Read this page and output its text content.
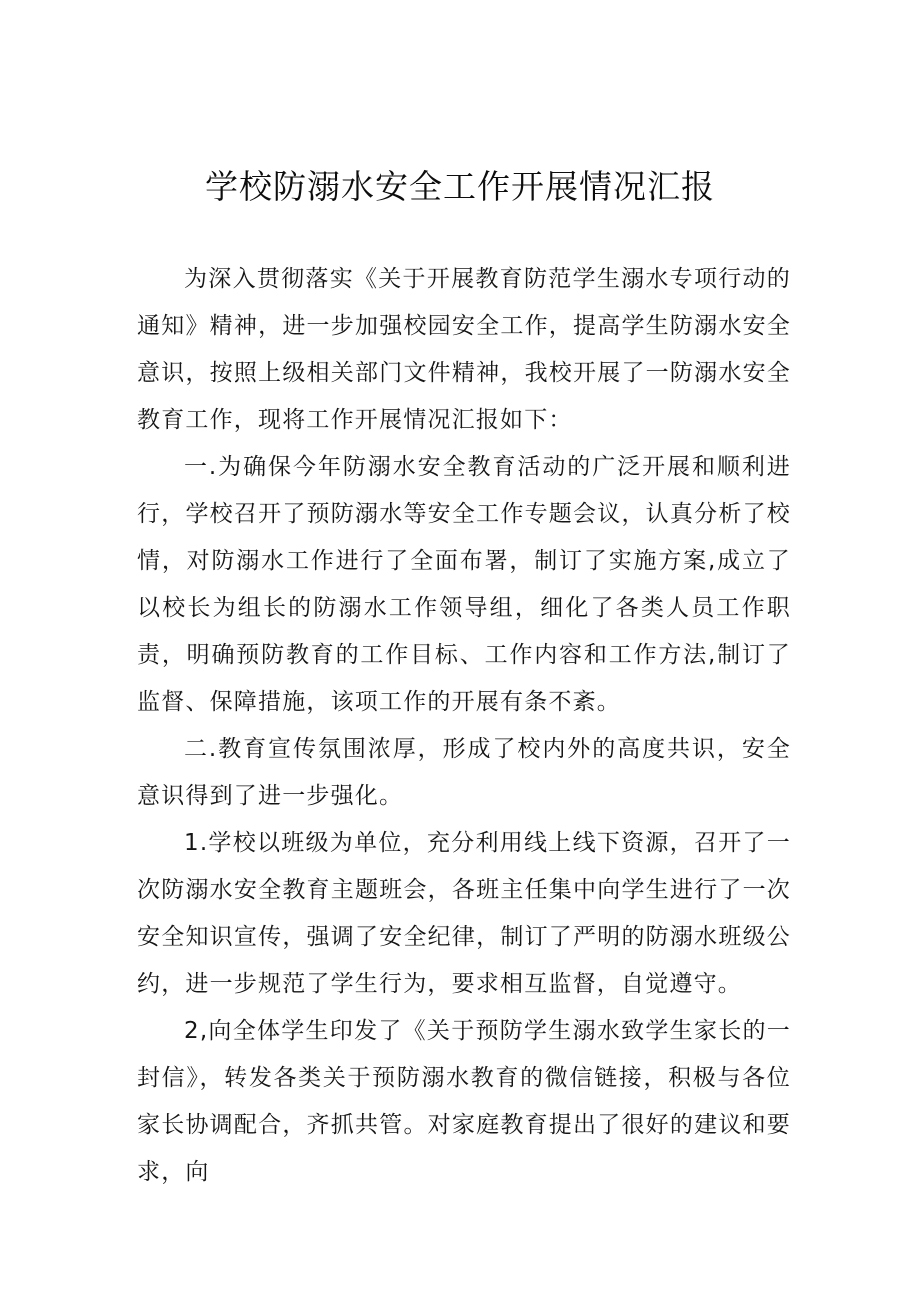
学校防溺水安全工作开展情况汇报

为深入贯彻落实《关于开展教育防范学生溺水专项行动的通知》精神，进一步加强校园安全工作，提高学生防溺水安全意识，按照上级相关部门文件精神，我校开展了一防溺水安全教育工作，现将工作开展情况汇报如下：

一.为确保今年防溺水安全教育活动的广泛开展和顺利进行，学校召开了预防溺水等安全工作专题会议，认真分析了校情，对防溺水工作进行了全面布署，制订了实施方案,成立了以校长为组长的防溺水工作领导组，细化了各类人员工作职责，明确预防教育的工作目标、工作内容和工作方法,制订了监督、保障措施，该项工作的开展有条不紊。

二.教育宣传氛围浓厚，形成了校内外的高度共识，安全意识得到了进一步强化。

1.学校以班级为单位，充分利用线上线下资源，召开了一次防溺水安全教育主题班会，各班主任集中向学生进行了一次安全知识宣传，强调了安全纪律，制订了严明的防溺水班级公约，进一步规范了学生行为，要求相互监督，自觉遵守。

2,向全体学生印发了《关于预防学生溺水致学生家长的一封信》，转发各类关于预防溺水教育的微信链接，积极与各位家长协调配合，齐抓共管。对家庭教育提出了很好的建议和要求，向
